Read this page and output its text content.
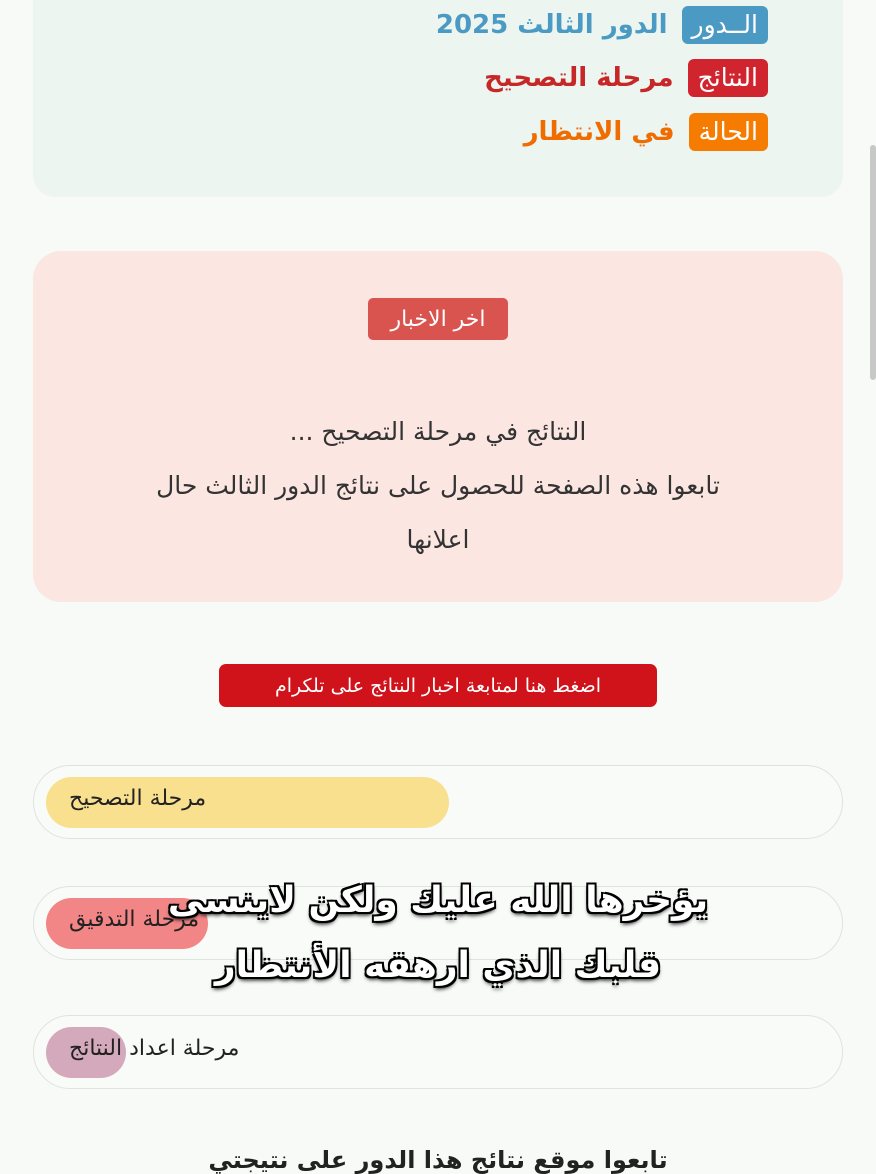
الــدور
الدور الثالث 2025
النتائج
مرحلة التصحيح
الحالة
في الانتظار
اخر الاخبار
النتائج في مرحلة التصحيح ...
تابعوا هذه الصفحة للحصول على نتائج الدور الثالث حال
اعلانها
اضغط هنا لمتابعة اخبار النتائج على تلكرام
مرحلة التصحيح
مرحلة التدقيق
مرحلة اعداد النتائج
يؤخرها الله عليك ولكن لاينسى
قلبك الذي ارهقه الأنتظار
تابعوا موقع نتائج هذا الدور على نتيجتي
